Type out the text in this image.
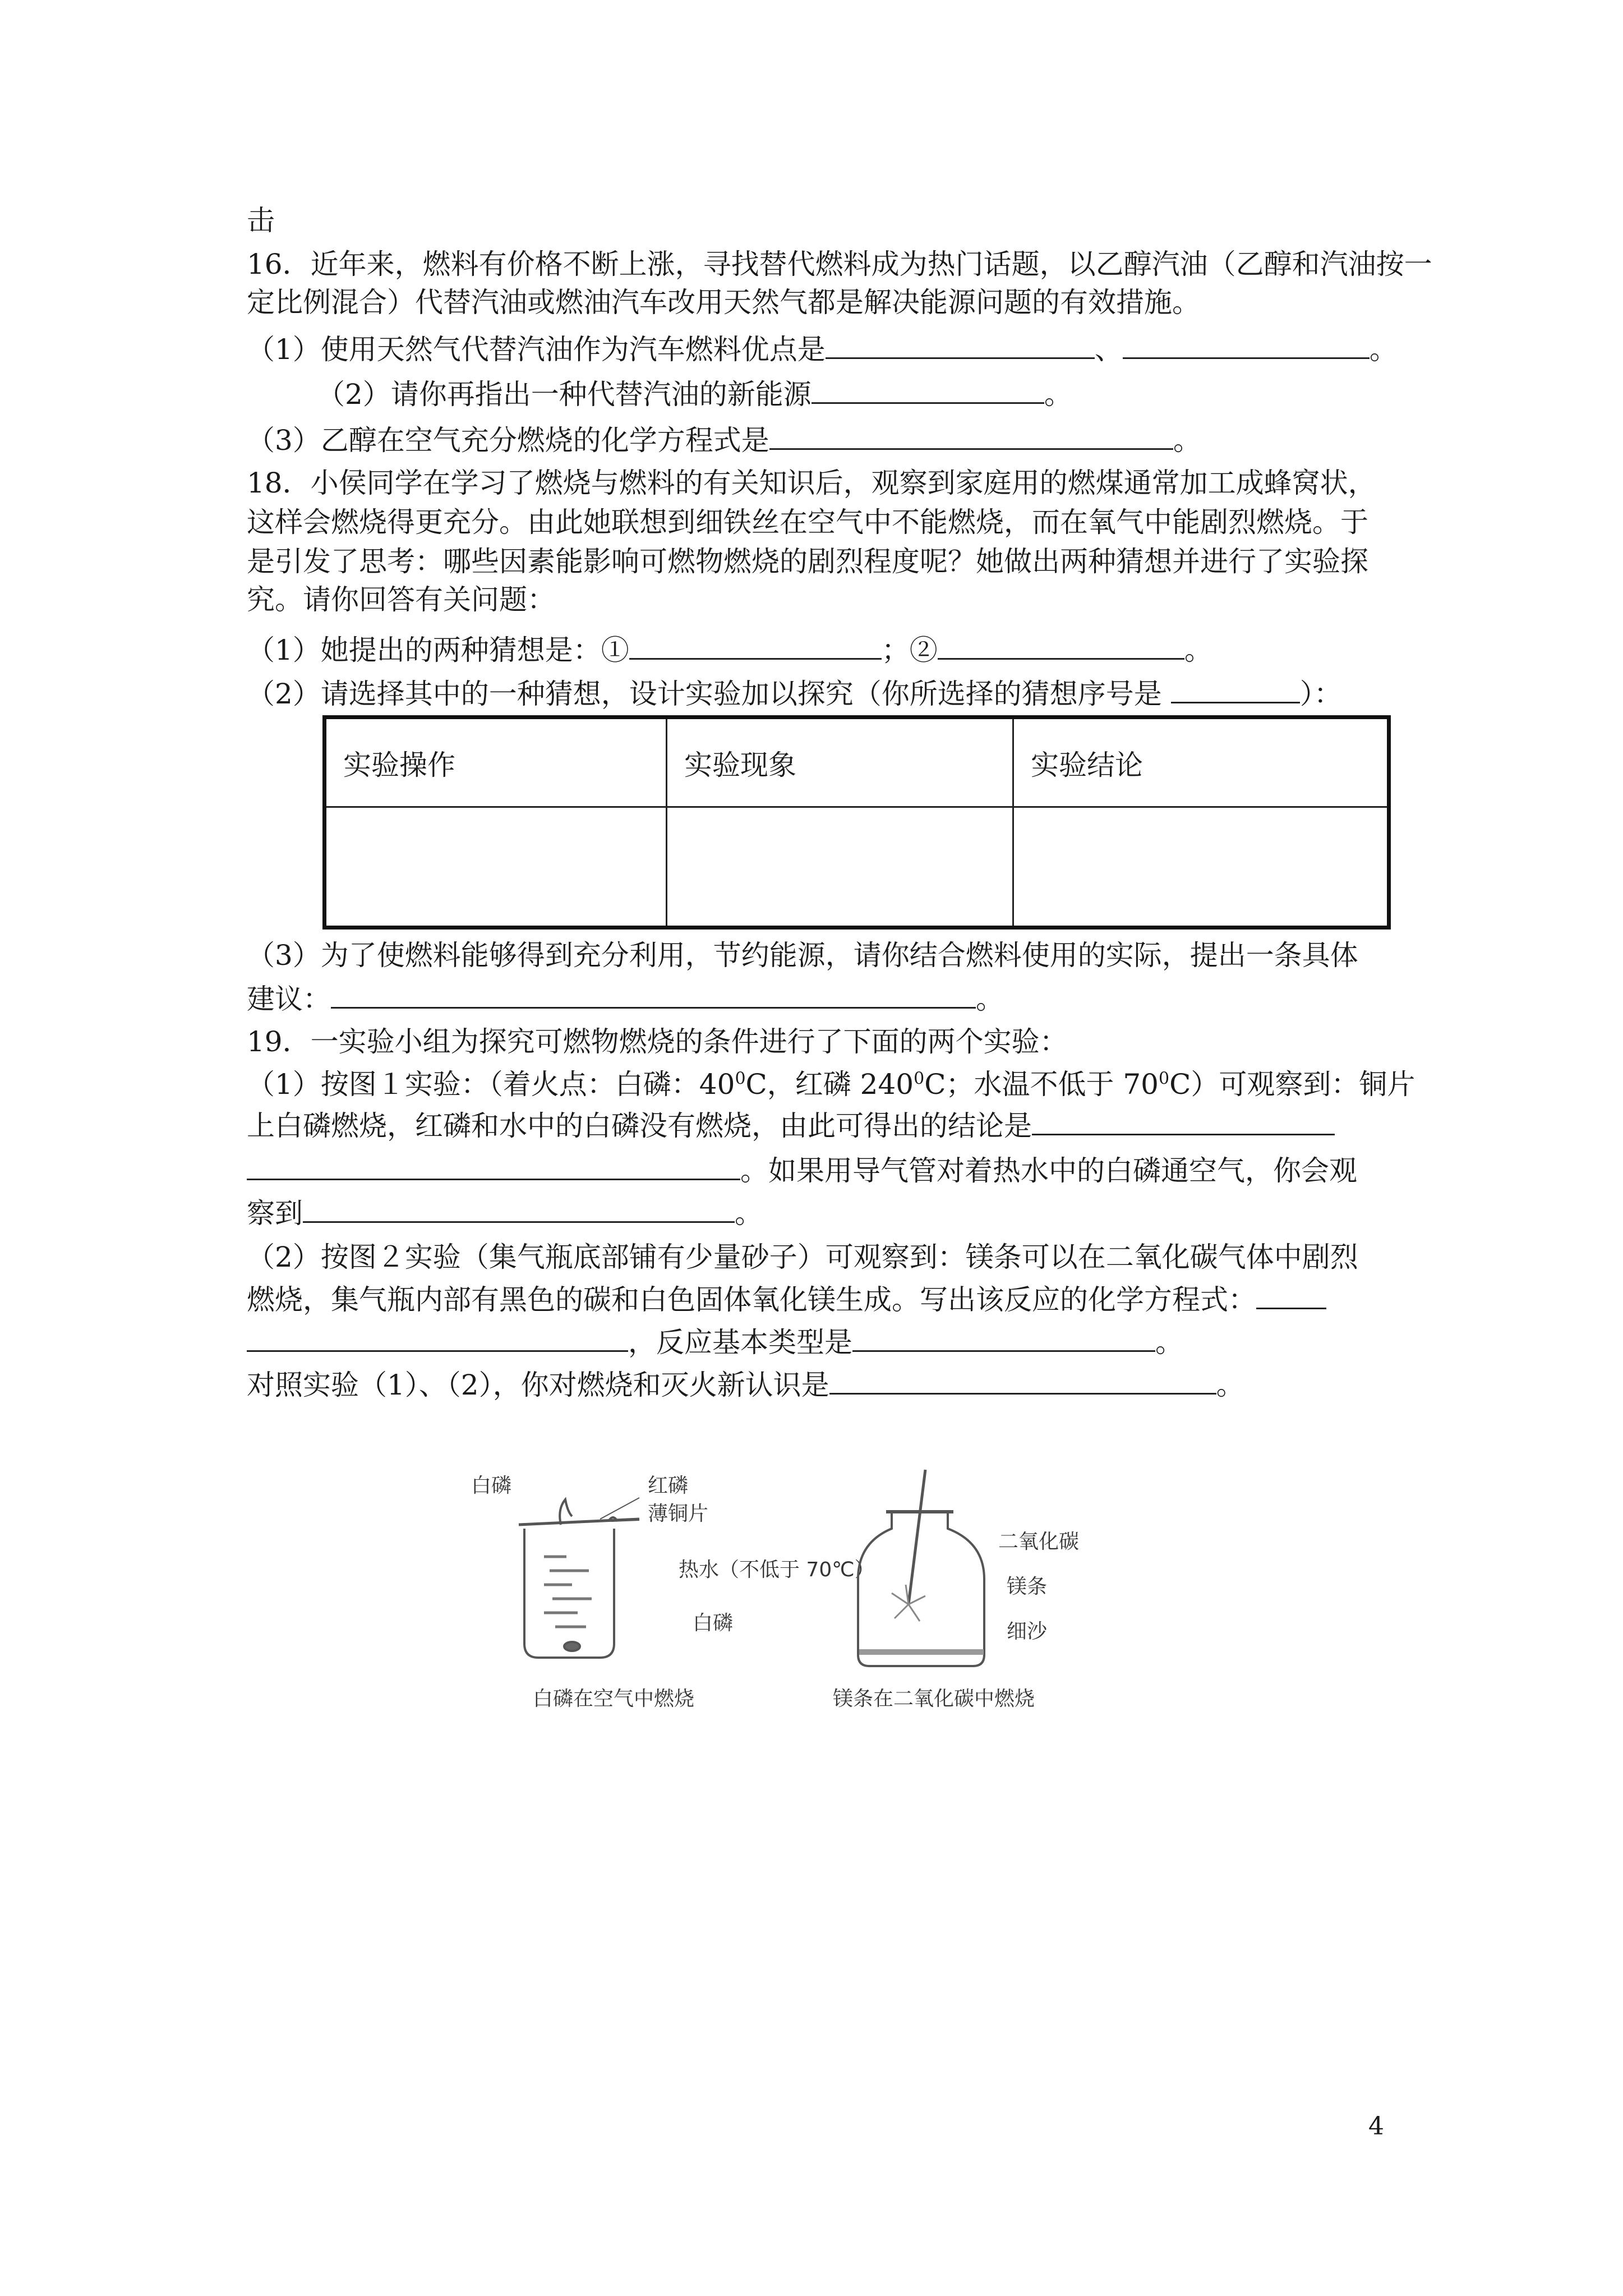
击
16．近年来，燃料有价格不断上涨，寻找替代燃料成为热门话题，以乙醇汽油（乙醇和汽油按一
定比例混合）代替汽油或燃油汽车改用天然气都是解决能源问题的有效措施。
（1）使用天然气代替汽油作为汽车燃料优点是	、	。
（2）请你再指出一种代替汽油的新能源	。
（3）乙醇在空气充分燃烧的化学方程式是	。
18．小侯同学在学习了燃烧与燃料的有关知识后，观察到家庭用的燃煤通常加工成蜂窝状，
这样会燃烧得更充分。由此她联想到细铁丝在空气中不能燃烧，而在氧气中能剧烈燃烧。于
是引发了思考：哪些因素能影响可燃物燃烧的剧烈程度呢？她做出两种猜想并进行了实验探
究。请你回答有关问题：
（1）她提出的两种猜想是：①	；②	。
（2）请选择其中的一种猜想，设计实验加以探究（你所选择的猜想序号是	）：
实验操作	实验现象	实验结论

（3）为了使燃料能够得到充分利用，节约能源，请你结合燃料使用的实际，提出一条具体
建议：	。
19．一实验小组为探究可燃物燃烧的条件进行了下面的两个实验：
（1）按图１实验：（着火点：白磷：$40^0C$，红磷 $240^0C$；水温不低于 $70^0C$）可观察到：铜片
上白磷燃烧，红磷和水中的白磷没有燃烧，由此可得出的结论是
。如果用导气管对着热水中的白磷通空气，你会观
察到	。
（2）按图２实验（集气瓶底部铺有少量砂子）可观察到：镁条可以在二氧化碳气体中剧烈
燃烧，集气瓶内部有黑色的碳和白色固体氧化镁生成。写出该反应的化学方程式：
，反应基本类型是	。
对照实验（1）、（2），你对燃烧和灭火新认识是	。
白磷	红磷
薄铜片
热水（不低于 70℃）
白磷
白磷在空气中燃烧
二氧化碳
镁条
细沙
镁条在二氧化碳中燃烧
4
